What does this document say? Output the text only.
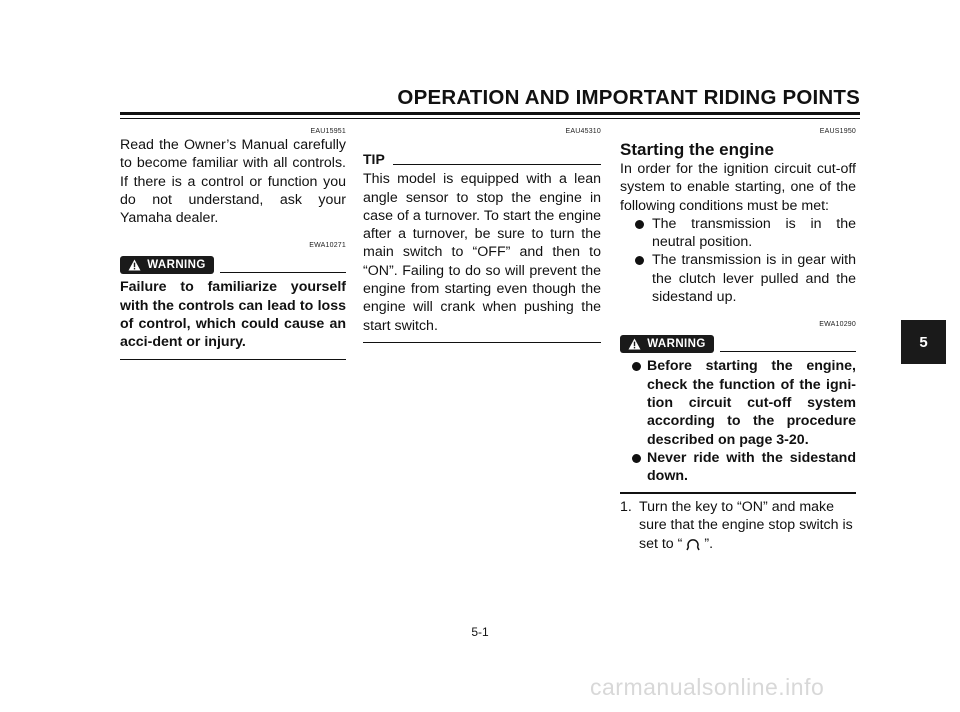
OPERATION AND IMPORTANT RIDING POINTS
EAU15951

Read the Owner’s Manual carefully to become familiar with all controls. If there is a control or function you do not understand, ask your Yamaha dealer.

EWA10271
WARNING

Failure to familiarize yourself with the controls can lead to loss of control, which could cause an acci-dent or injury.

EAU45310
TIP

This model is equipped with a lean angle sensor to stop the engine in case of a turnover. To start the engine after a turnover, be sure to turn the main switch to “OFF” and then to “ON”. Failing to do so will prevent the engine from starting even though the engine will crank when pushing the start switch.

EAUS1950
Starting the engine

In order for the ignition circuit cut-off system to enable starting, one of the following conditions must be met:

The transmission is in the neutral position.
The transmission is in gear with the clutch lever pulled and the sidestand up.
EWA10290
WARNING
Before starting the engine, check the function of the igni-tion circuit cut-off system according to the procedure described on page 3-20.
Never ride with the sidestand down.
1. Turn the key to “ON” and make sure that the engine stop switch is set to “ ”.
5
5-1
carmanualsonline.info
